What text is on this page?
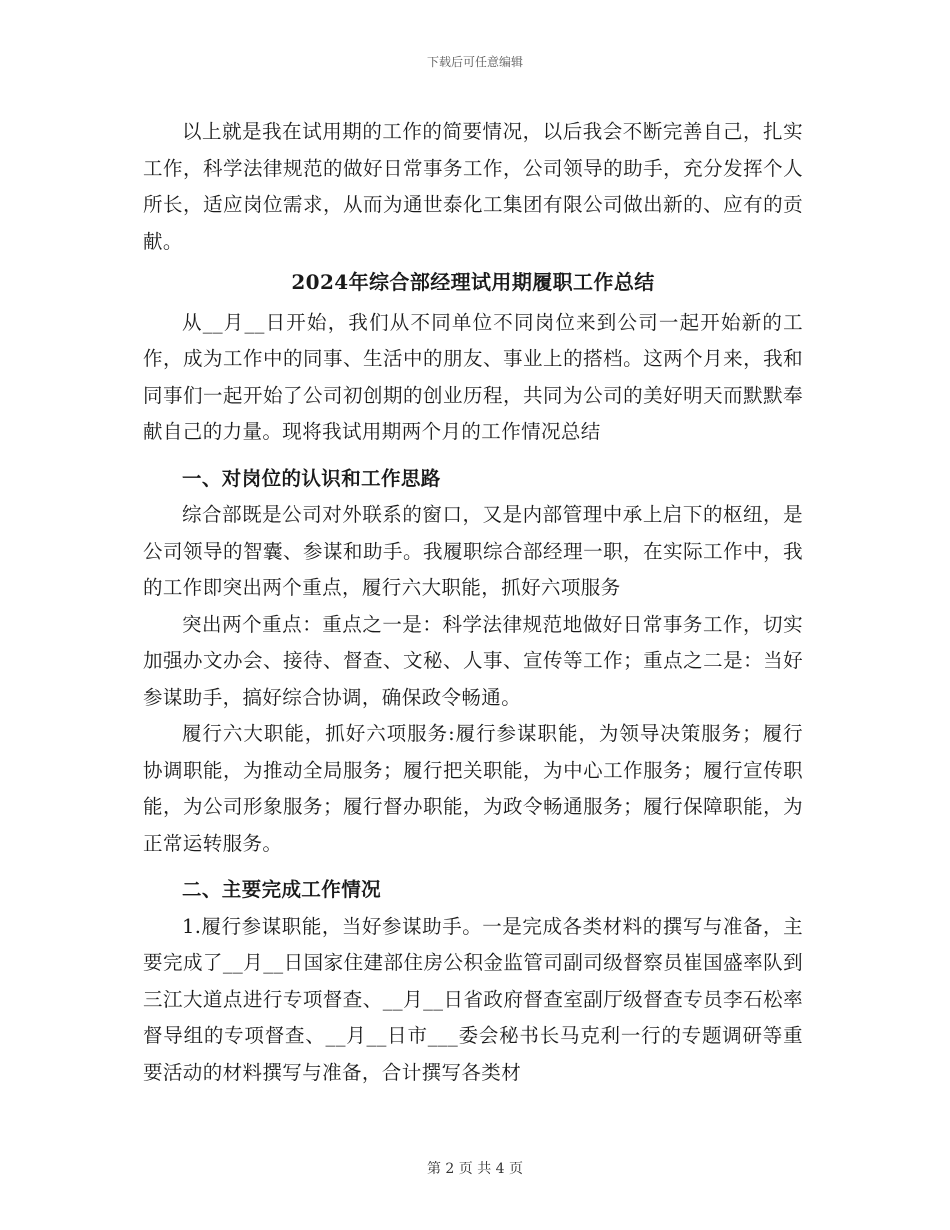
下载后可任意编辑

以上就是我在试用期的工作的简要情况，以后我会不断完善自己，扎实工作，科学法律规范的做好日常事务工作，公司领导的助手，充分发挥个人所长，适应岗位需求，从而为通世泰化工集团有限公司做出新的、应有的贡献。

2024年综合部经理试用期履职工作总结

从__月__日开始，我们从不同单位不同岗位来到公司一起开始新的工作，成为工作中的同事、生活中的朋友、事业上的搭档。这两个月来，我和同事们一起开始了公司初创期的创业历程，共同为公司的美好明天而默默奉献自己的力量。现将我试用期两个月的工作情况总结

一、对岗位的认识和工作思路

综合部既是公司对外联系的窗口，又是内部管理中承上启下的枢纽，是公司领导的智囊、参谋和助手。我履职综合部经理一职，在实际工作中，我的工作即突出两个重点，履行六大职能，抓好六项服务

突出两个重点：重点之一是：科学法律规范地做好日常事务工作，切实加强办文办会、接待、督查、文秘、人事、宣传等工作；重点之二是：当好参谋助手，搞好综合协调，确保政令畅通。

履行六大职能，抓好六项服务:履行参谋职能，为领导决策服务；履行协调职能，为推动全局服务；履行把关职能，为中心工作服务；履行宣传职能，为公司形象服务；履行督办职能，为政令畅通服务；履行保障职能，为正常运转服务。

二、主要完成工作情况

1.履行参谋职能，当好参谋助手。一是完成各类材料的撰写与准备，主要完成了__月__日国家住建部住房公积金监管司副司级督察员崔国盛率队到三江大道点进行专项督查、__月__日省政府督查室副厅级督查专员李石松率督导组的专项督查、__月__日市___委会秘书长马克利一行的专题调研等重要活动的材料撰写与准备，合计撰写各类材

第 2 页 共 4 页
